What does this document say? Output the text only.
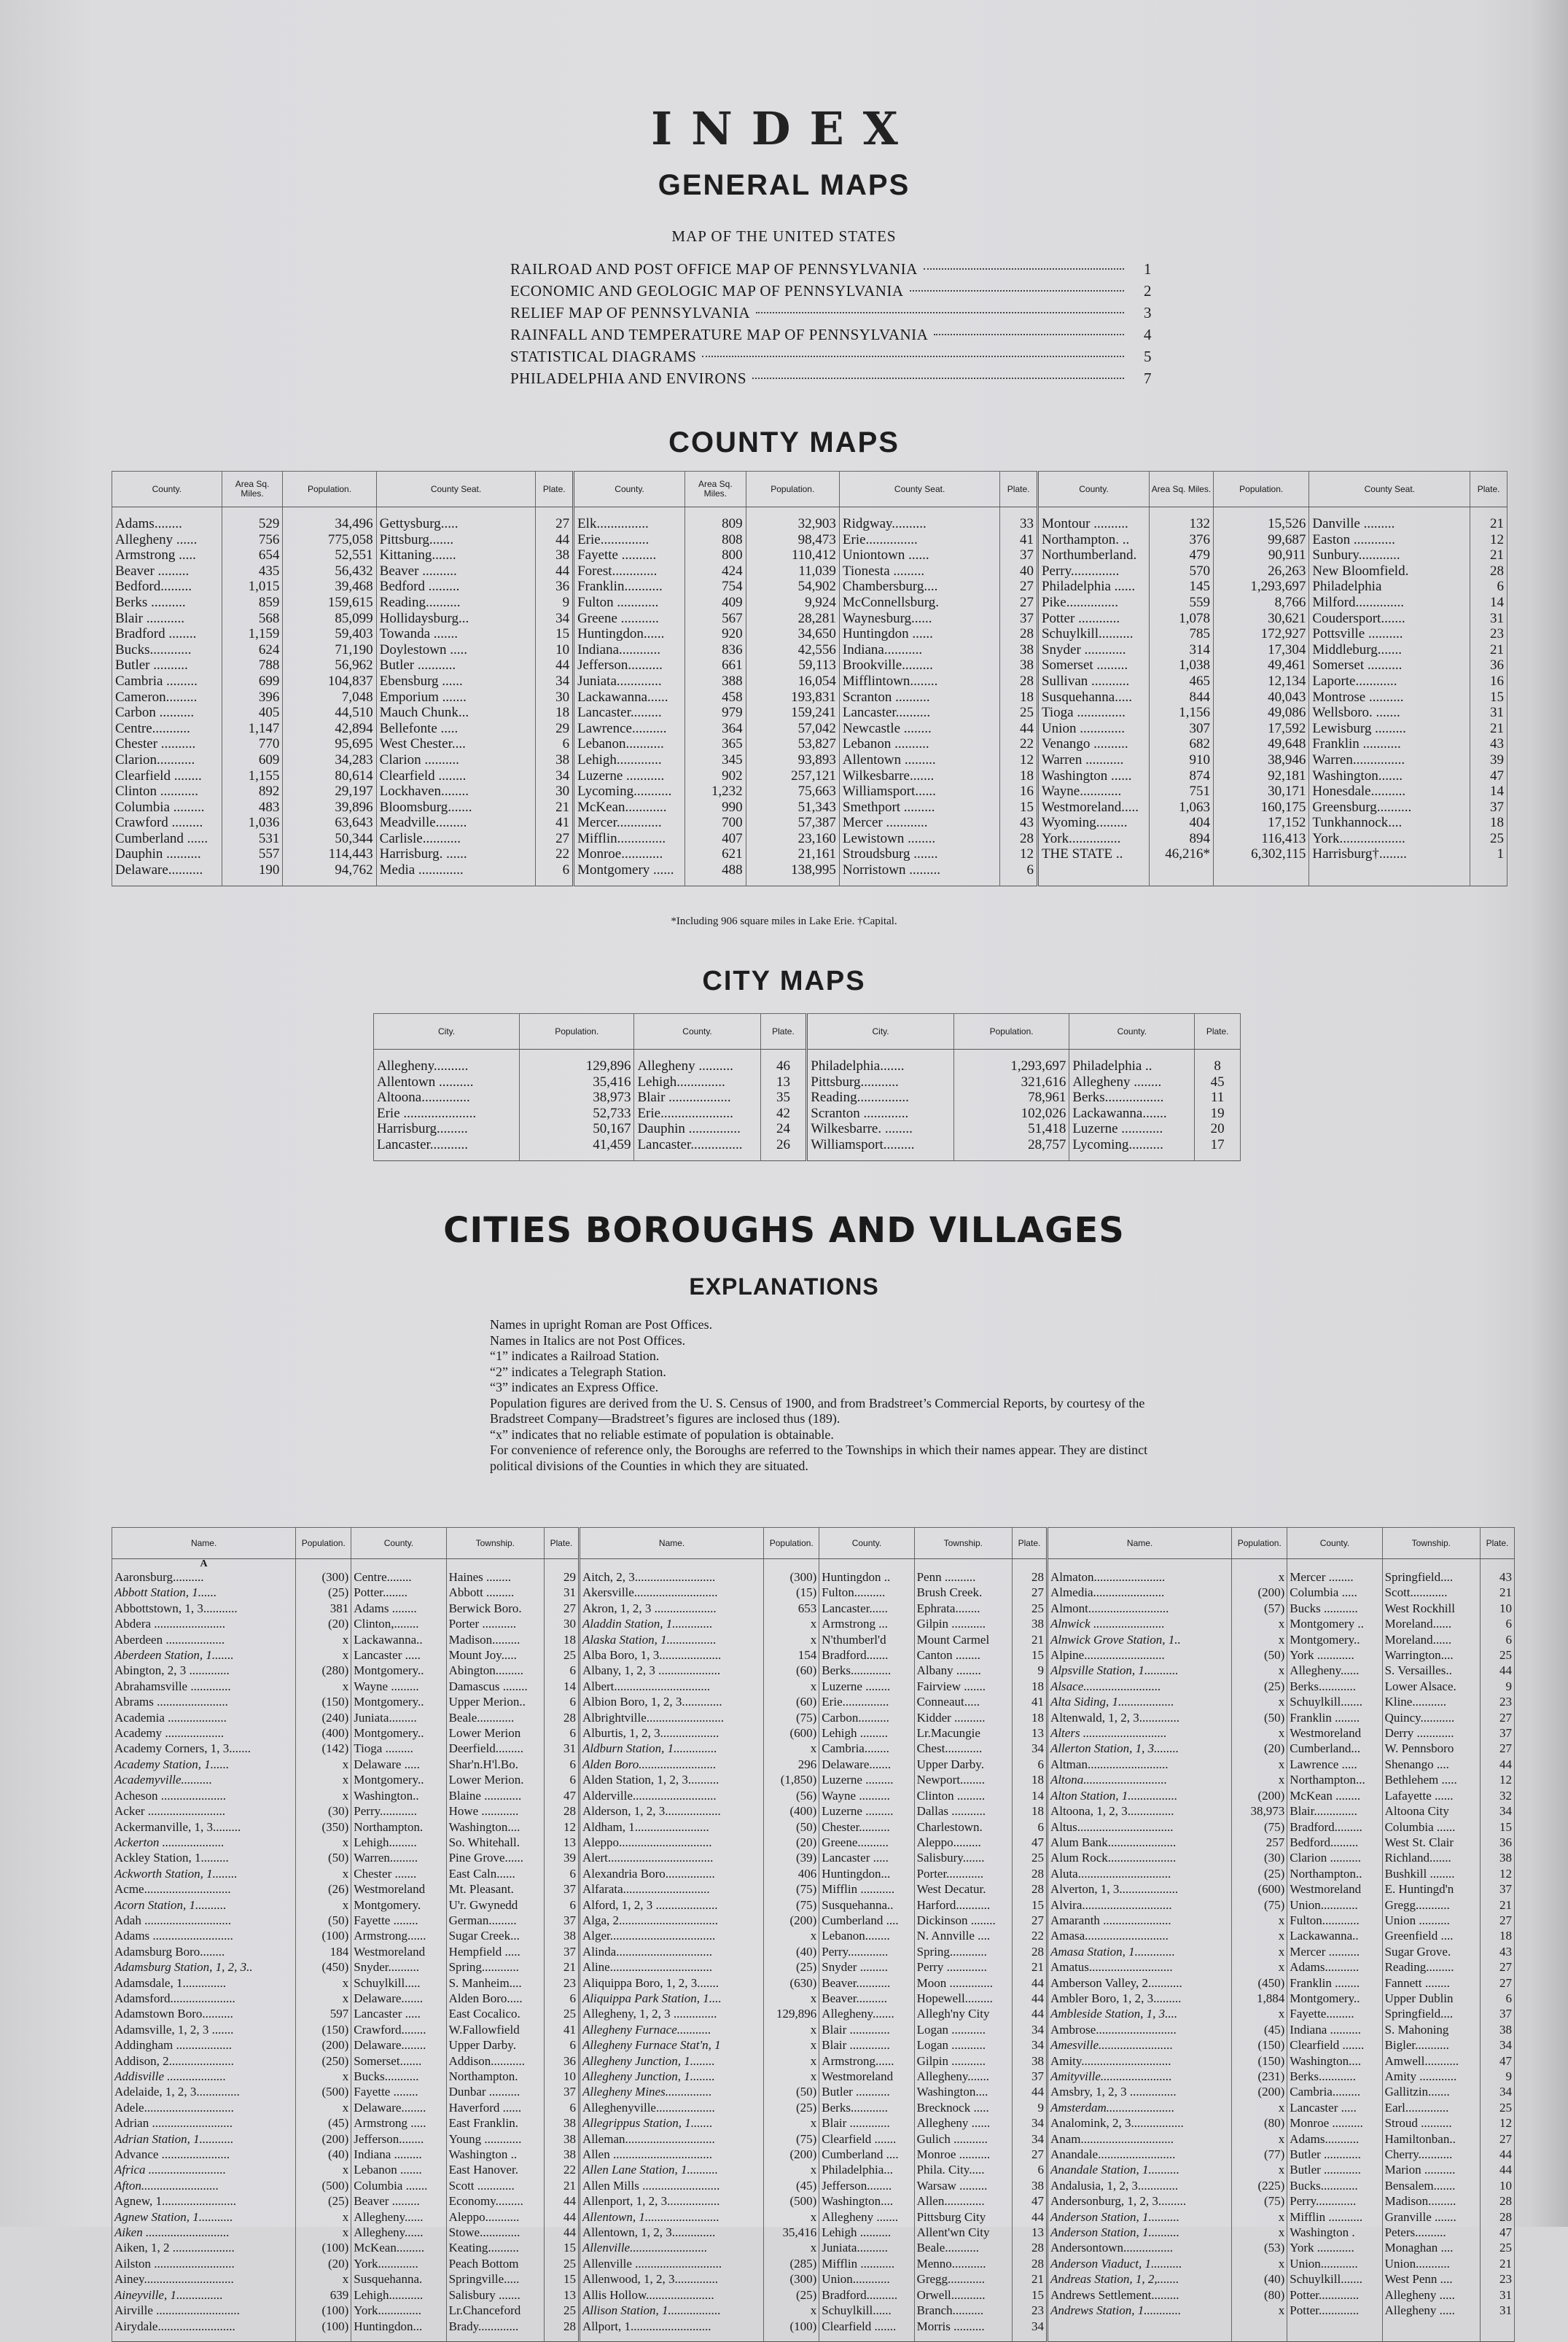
INDEX
GENERAL MAPS
MAP OF THE UNITED STATES
RAILROAD AND POST OFFICE MAP OF PENNSYLVANIA	1
ECONOMIC AND GEOLOGIC MAP OF PENNSYLVANIA	2
RELIEF MAP OF PENNSYLVANIA	3
RAINFALL AND TEMPERATURE MAP OF PENNSYLVANIA	4
STATISTICAL DIAGRAMS	5
PHILADELPHIA AND ENVIRONS	7
COUNTY MAPS
County.	Area Sq. Miles.	Population.	County Seat.	Plate.	County.	Area Sq. Miles.	Population.	County Seat.	Plate.	County.	Area Sq. Miles.	Population.	County Seat.	Plate.

Adams........	529	34,496	Gettysburg.....	27	Elk...............	809	32,903	Ridgway..........	33	Montour ..........	132	15,526	Danville .........	21
Allegheny ......	756	775,058	Pittsburg.......	44	Erie..............	808	98,473	Erie...............	41	Northampton. ..	376	99,687	Easton ............	12
Armstrong .....	654	52,551	Kittaning.......	38	Fayette ..........	800	110,412	Uniontown ......	37	Northumberland.	479	90,911	Sunbury............	21
Beaver .........	435	56,432	Beaver ..........	44	Forest.............	424	11,039	Tionesta .........	40	Perry..............	570	26,263	New Bloomfield.	28
Bedford.........	1,015	39,468	Bedford .........	36	Franklin...........	754	54,902	Chambersburg....	27	Philadelphia ......	145	1,293,697	Philadelphia	6
Berks ..........	859	159,615	Reading..........	9	Fulton ............	409	9,924	McConnellsburg.	27	Pike...............	559	8,766	Milford..............	14
Blair ...........	568	85,099	Hollidaysburg...	34	Greene ...........	567	28,281	Waynesburg......	37	Potter ............	1,078	30,621	Coudersport.......	31
Bradford ........	1,159	59,403	Towanda .......	15	Huntingdon......	920	34,650	Huntingdon ......	28	Schuylkill..........	785	172,927	Pottsville ..........	23
Bucks............	624	71,190	Doylestown .....	10	Indiana............	836	42,556	Indiana...........	38	Snyder ............	314	17,304	Middleburg.......	21
Butler ..........	788	56,962	Butler ...........	44	Jefferson..........	661	59,113	Brookville.........	38	Somerset .........	1,038	49,461	Somerset ..........	36
Cambria .........	699	104,837	Ebensburg ......	34	Juniata.............	388	16,054	Mifflintown........	28	Sullivan ...........	465	12,134	Laporte............	16
Cameron.........	396	7,048	Emporium .......	30	Lackawanna......	458	193,831	Scranton ..........	18	Susquehanna.....	844	40,043	Montrose ..........	15
Carbon ..........	405	44,510	Mauch Chunk...	18	Lancaster.........	979	159,241	Lancaster..........	25	Tioga ..............	1,156	49,086	Wellsboro. .......	31
Centre...........	1,147	42,894	Bellefonte .....	29	Lawrence..........	364	57,042	Newcastle ........	44	Union .............	307	17,592	Lewisburg .........	21
Chester ..........	770	95,695	West Chester....	6	Lebanon...........	365	53,827	Lebanon ..........	22	Venango ..........	682	49,648	Franklin ...........	43
Clarion...........	609	34,283	Clarion ..........	38	Lehigh.............	345	93,893	Allentown .........	12	Warren ...........	910	38,946	Warren...............	39
Clearfield ........	1,155	80,614	Clearfield ........	34	Luzerne ...........	902	257,121	Wilkesbarre.......	18	Washington ......	874	92,181	Washington.......	47
Clinton ...........	892	29,197	Lockhaven........	30	Lycoming...........	1,232	75,663	Williamsport......	16	Wayne............	751	30,171	Honesdale..........	14
Columbia .........	483	39,896	Bloomsburg.......	21	McKean............	990	51,343	Smethport .........	15	Westmoreland.....	1,063	160,175	Greensburg..........	37
Crawford .........	1,036	63,643	Meadville.........	41	Mercer.............	700	57,387	Mercer ............	43	Wyoming.........	404	17,152	Tunkhannock....	18
Cumberland ......	531	50,344	Carlisle...........	27	Mifflin..............	407	23,160	Lewistown ........	28	York...............	894	116,413	York...................	25
Dauphin ..........	557	114,443	Harrisburg. ......	22	Monroe............	621	21,161	Stroudsburg .......	12	THE STATE ..	46,216*	6,302,115	Harrisburg†........	1
Delaware..........	190	94,762	Media .............	6	Montgomery ......	488	138,995	Norristown .........	6					

*Including 906 square miles in Lake Erie. †Capital.
CITY MAPS
City.	Population.	County.	Plate.	City.	Population.	County.	Plate.

Allegheny..........	129,896	Allegheny ..........	46	Philadelphia.......	1,293,697	Philadelphia ..	8
Allentown ..........	35,416	Lehigh..............	13	Pittsburg...........	321,616	Allegheny ........	45
Altoona..............	38,973	Blair ..................	35	Reading...............	78,961	Berks.................	11
Erie .....................	52,733	Erie.....................	42	Scranton .............	102,026	Lackawanna.......	19
Harrisburg.........	50,167	Dauphin ...............	24	Wilkesbarre. ........	51,418	Luzerne ............	20
Lancaster...........	41,459	Lancaster...............	26	Williamsport.........	28,757	Lycoming..........	17

CITIES BOROUGHS AND VILLAGES
EXPLANATIONS

Names in upright Roman are Post Offices.

Names in Italics are not Post Offices.

“1” indicates a Railroad Station.

“2” indicates a Telegraph Station.

“3” indicates an Express Office.

Population figures are derived from the U. S. Census of 1900, and from Bradstreet’s Commercial Reports, by courtesy of the Bradstreet Company—Bradstreet’s figures are inclosed thus (189).

“x” indicates that no reliable estimate of population is obtainable.

For convenience of reference only, the Boroughs are referred to the Townships in which their names appear. They are distinct political divisions of the Counties in which they are situated.

Name.	Population.	County.	Township.	Plate.	Name.	Population.	County.	Township.	Plate.	Name.	Population.	County.	Township.	Plate.
A														
Aaronsburg..........	(300)	Centre........	Haines ........	29	Aitch, 2, 3..........................	(300)	Huntingdon ..	Penn ..........	28	Almaton.......................	x	Mercer ........	Springfield....	43
Abbott Station, 1......	(25)	Potter........	Abbott .........	31	Akersville...........................	(15)	Fulton..........	Brush Creek.	27	Almedia.......................	(200)	Columbia .....	Scott............	21
Abbottstown, 1, 3...........	381	Adams ........	Berwick Boro.	27	Akron, 1, 2, 3 ....................	653	Lancaster......	Ephrata........	25	Almont..........................	(57)	Bucks ...........	West Rockhill	10
Abdera .......................	(20)	Clinton,........	Porter ...........	30	Aladdin Station, 1.............	x	Armstrong ...	Gilpin ...........	38	Alnwick .......................	x	Montgomery ..	Moreland......	6
Aberdeen ...................	x	Lackawanna..	Madison.........	18	Alaska Station, 1................	x	N'thumberl'd	Mount Carmel	21	Alnwick Grove Station, 1..	x	Montgomery..	Moreland......	6
Aberdeen Station, 1.......	x	Lancaster .....	Mount Joy.....	25	Alba Boro, 1, 3....................	154	Bradford.......	Canton ........	15	Alpine..........................	(50)	York ............	Warrington....	25
Abington, 2, 3 .............	(280)	Montgomery..	Abington.........	6	Albany, 1, 2, 3 ....................	(60)	Berks.............	Albany ........	9	Alpsville Station, 1...........	x	Allegheny......	S. Versailles..	44
Abrahamsville .............	x	Wayne .........	Damascus ........	14	Albert...............................	x	Luzerne ........	Fairview .......	18	Alsace.........................	(25)	Berks............	Lower Alsace.	9
Abrams .......................	(150)	Montgomery..	Upper Merion..	6	Albion Boro, 1, 2, 3.............	(60)	Erie...............	Conneaut.....	41	Alta Siding, 1..................	x	Schuylkill.......	Kline...........	23
Academia ...................	(240)	Juniata.........	Beale............	28	Albrightville.........................	(75)	Carbon..........	Kidder ..........	18	Altenwald, 1, 2, 3.............	(50)	Franklin ........	Quincy...........	27
Academy ...................	(400)	Montgomery..	Lower Merion	6	Alburtis, 1, 2, 3...................	(600)	Lehigh .........	Lr.Macungie	13	Alters ...........................	x	Westmoreland	Derry ............	37
Academy Corners, 1, 3.......	(142)	Tioga .........	Deerfield.........	31	Aldburn Station, 1..............	x	Cambria........	Chest............	34	Allerton Station, 1, 3........	(20)	Cumberland...	W. Pennsboro	27
Academy Station, 1......	x	Delaware .....	Shar'n.H'l.Bo.	6	Alden Boro.........................	296	Delaware.......	Upper Darby.	6	Altman..........................	x	Lawrence .....	Shenango ....	44
Academyville..........	x	Montgomery..	Lower Merion.	6	Alden Station, 1, 2, 3..........	(1,850)	Luzerne .........	Newport........	18	Altona...........................	x	Northampton...	Bethlehem .....	12
Acheson .....................	x	Washington..	Blaine ............	47	Alderville...........................	(56)	Wayne ..........	Clinton .........	14	Alton Station, 1................	(200)	McKean ........	Lafayette ......	32
Acker .........................	(30)	Perry............	Howe ............	28	Alderson, 1, 2, 3..................	(400)	Luzerne .........	Dallas ...........	18	Altoona, 1, 2, 3...............	38,973	Blair..............	Altoona City	34
Ackermanville, 1, 3.........	(350)	Northampton.	Washington....	12	Aldham, 1........................	(50)	Chester..........	Charlestown.	6	Altus...............................	(75)	Bradford.........	Columbia ......	15
Ackerton ....................	x	Lehigh.........	So. Whitehall.	13	Aleppo..............................	(20)	Greene..........	Aleppo.........	47	Alum Bank......................	257	Bedford.........	West St. Clair	36
Ackley Station, 1.........	(50)	Warren.........	Pine Grove......	39	Alert..................................	(39)	Lancaster .....	Salisbury.......	25	Alum Rock......................	(30)	Clarion ..........	Richland.......	38
Ackworth Station, 1........	x	Chester .......	East Caln......	6	Alexandria Boro................	406	Huntingdon...	Porter............	28	Aluta..............................	(25)	Northampton..	Bushkill ........	12
Acme............................	(26)	Westmoreland	Mt. Pleasant.	37	Alfarata............................	(75)	Mifflin ...........	West Decatur.	28	Alverton, 1, 3...................	(600)	Westmoreland	E. Huntingd'n	37
Acorn Station, 1..........	x	Montgomery.	U'r. Gwynedd	6	Alford, 1, 2, 3 ....................	(75)	Susquehanna..	Harford...........	15	Alvira.............................	(75)	Union............	Gregg...........	21
Adah ............................	(50)	Fayette ........	German.........	37	Alga, 2................................	(200)	Cumberland ....	Dickinson ........	27	Amaranth ......................	x	Fulton............	Union ..........	27
Adams ..........................	(100)	Armstrong......	Sugar Creek...	38	Alger..................................	x	Lebanon........	N. Annville ....	22	Amasa...........................	x	Lackawanna..	Greenfield ....	18
Adamsburg Boro........	184	Westmoreland	Hempfield .....	37	Alinda...............................	(40)	Perry.............	Spring............	28	Amasa Station, 1.............	x	Mercer ..........	Sugar Grove.	43
Adamsburg Station, 1, 2, 3..	(450)	Snyder..........	Spring............	21	Aline.................................	(25)	Snyder .........	Perry .............	21	Amatus...........................	x	Adams...........	Reading.........	27
Adamsdale, 1..............	x	Schuylkill.....	S. Manheim....	23	Aliquippa Boro, 1, 2, 3.......	(630)	Beaver...........	Moon ..............	44	Amberson Valley, 2...........	(450)	Franklin ........	Fannett ........	27
Adamsford.....................	x	Delaware.......	Alden Boro.....	6	Aliquippa Park Station, 1....	x	Beaver..........	Hopewell.........	44	Ambler Boro, 1, 2, 3.........	1,884	Montgomery..	Upper Dublin	6
Adamstown Boro..........	597	Lancaster .....	East Cocalico.	25	Allegheny, 1, 2, 3 ..............	129,896	Allegheny.......	Allegh'ny City	44	Ambleside Station, 1, 3....	x	Fayette.........	Springfield....	37
Adamsville, 1, 2, 3 .......	(150)	Crawford........	W.Fallowfield	41	Allegheny Furnace...........	x	Blair .............	Logan ...........	34	Ambrose..........................	(45)	Indiana ..........	S. Mahoning	38
Addingham ..................	(200)	Delaware........	Upper Darby.	6	Allegheny Furnace Stat'n, 1	x	Blair .............	Logan ...........	34	Amesville........................	(150)	Clearfield .......	Bigler...........	34
Addison, 2.....................	(250)	Somerset.......	Addison...........	36	Allegheny Junction, 1........	x	Armstrong......	Gilpin ...........	38	Amity.............................	(150)	Washington....	Amwell...........	47
Addisville ...................	x	Bucks...........	Northampton.	10	Allegheny Junction, 1........	x	Westmoreland	Allegheny.......	37	Amityville.......................	(231)	Berks............	Amity ............	9
Adelaide, 1, 2, 3..............	(500)	Fayette ........	Dunbar ..........	37	Allegheny Mines...............	(50)	Butler ...........	Washington....	44	Amsbry, 1, 2, 3 ...............	(200)	Cambria.........	Gallitzin.......	34
Adele.............................	x	Delaware........	Haverford ......	6	Alleghenyville...................	(25)	Berks............	Brecknock .....	9	Amsterdam......................	x	Lancaster .....	Earl..............	25
Adrian ..........................	(45)	Armstrong .....	East Franklin.	38	Allegrippus Station, 1.......	x	Blair .............	Allegheny ......	34	Analomink, 2, 3.................	(80)	Monroe ..........	Stroud ..........	12
Adrian Station, 1...........	(200)	Jefferson........	Young ............	38	Alleman.............................	(75)	Clearfield .......	Gulich ...........	34	Anam..............................	x	Adams...........	Hamiltonban..	27
Advance ......................	(40)	Indiana .........	Washington ..	38	Allen ................................	(200)	Cumberland ....	Monroe ..........	27	Anandale.........................	(77)	Butler ............	Cherry...........	44
Africa .........................	x	Lebanon .......	East Hanover.	22	Allen Lane Station, 1..........	x	Philadelphia...	Phila. City.....	6	Anandale Station, 1..........	x	Butler ............	Marion ..........	44
Afton.........................	(500)	Columbia .......	Scott ............	21	Allen Mills .........................	(45)	Jefferson........	Warsaw .........	38	Andalusia, 1, 2, 3.............	(225)	Bucks............	Bensalem.......	10
Agnew, 1........................	(25)	Beaver .........	Economy.........	44	Allenport, 1, 2, 3.................	(500)	Washington....	Allen.............	47	Andersonburg, 1, 2, 3.........	(75)	Perry.............	Madison.........	28
Agnew Station, 1...........	x	Allegheny......	Aleppo...........	44	Allentown, 1........................	x	Allegheny .......	Pittsburg City	44	Anderson Station, 1..........	x	Mifflin ...........	Granville .......	28
Aiken ...........................	x	Allegheny......	Stowe.............	44	Allentown, 1, 2, 3..............	35,416	Lehigh ..........	Allent'wn City	13	Anderson Station, 1..........	x	Washington .	Peters..........	47
Aiken, 1, 2 ....................	(100)	McKean.........	Keating..........	15	Allenville.........................	x	Juniata..........	Beale...........	28	Andersontown................	(53)	York ............	Monaghan ....	25
Ailston ..........................	(20)	York.............	Peach Bottom	25	Allenville ............................	(285)	Mifflin ...........	Menno...........	28	Anderson Viaduct, 1..........	x	Union............	Union...........	21
Ainey.............................	x	Susquehanna.	Springville.....	15	Allenwood, 1, 2, 3..............	(300)	Union............	Gregg............	21	Andreas Station, 1, 2,.......	(40)	Schuylkill.......	West Penn ....	23
Aineyville, 1...............	639	Lehigh...........	Salisbury .......	13	Allis Hollow......................	(25)	Bradford..........	Orwell...........	15	Andrews Settlement.........	(80)	Potter.............	Allegheny .....	31
Airville ...........................	(100)	York..............	Lr.Chanceford	25	Allison Station, 1.................	x	Schuylkill......	Branch..........	23	Andrews Station, 1............	x	Potter.............	Allegheny .....	31
Airydale.........................	(100)	Huntingdon...	Brady.............	28	Allport, 1..........................	(100)	Clearfield .......	Morris ..........	34					
